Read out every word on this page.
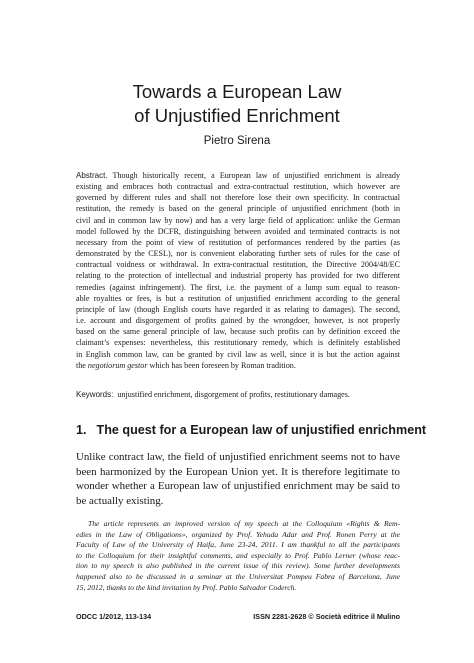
Towards a European Law
of Unjustified Enrichment
Pietro Sirena
Abstract. Though historically recent, a European law of unjustified enrichment is already
existing and embraces both contractual and extra-contractual restitution, which however are
governed by different rules and shall not therefore lose their own specificity. In contractual
restitution, the remedy is based on the general principle of unjustified enrichment (both in
civil and in common law by now) and has a very large field of application: unlike the German
model followed by the DCFR, distinguishing between avoided and terminated contracts is not
necessary from the point of view of restitution of performances rendered by the parties (as
demonstrated by the CESL), nor is convenient elaborating further sets of rules for the case of
contractual voidness or withdrawal. In extra-contractual restitution, the Directive 2004/48/EC
relating to the protection of intellectual and industrial property has provided for two different
remedies (against infringement). The first, i.e. the payment of a lump sum equal to reason-
able royalties or fees, is but a restitution of unjustified enrichment according to the general
principle of law (though English courts have regarded it as relating to damages). The second,
i.e. account and disgorgement of profits gained by the wrongdoer, however, is not properly
based on the same general principle of law, because such profits can by definition exceed the
claimant’s expenses: nevertheless, this restitutionary remedy, which is definitely established
in English common law, can be granted by civil law as well, since it is but the action against
the negotiorum gestor which has been foreseen by Roman tradition.
Keywords: unjustified enrichment, disgorgement of profits, restitutionary damages.
1. The quest for a European law of unjustified enrichment
Unlike contract law, the field of unjustified enrichment seems not to have
been harmonized by the European Union yet. It is therefore legitimate to
wonder whether a European law of unjustified enrichment may be said to
be actually existing.
The article represents an improved version of my speech at the Colloquium «Rights & Rem-
edies in the Law of Obligations», organized by Prof. Yehuda Adar and Prof. Ronen Perry at the
Faculty of Law of the University of Haifa, June 23-24, 2011. I am thankful to all the participants
to the Colloquium for their insightful comments, and especially to Prof. Pablo Lerner (whose reac-
tion to my speech is also published in the current issue of this review). Some further developments
happened also to be discussed in a seminar at the Universitat Pompeu Fabra of Barcelona, June
15, 2012, thanks to the kind invitation by Prof. Pablo Salvador Coderch.
ODCC 1/2012, 113-134	ISSN 2281-2628 © Società editrice il Mulino
